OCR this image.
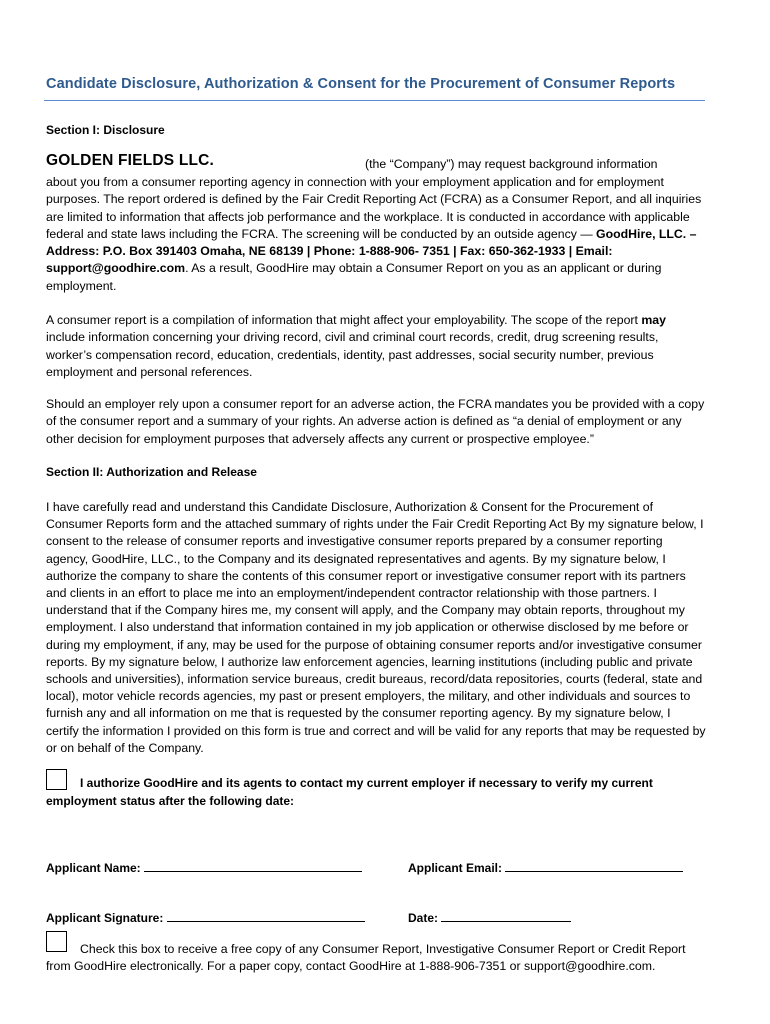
Candidate Disclosure, Authorization & Consent for the Procurement of Consumer Reports
Section I: Disclosure
GOLDEN FIELDS LLC.	(the “Company”) may request background information
about you from a consumer reporting agency in connection with your employment application and for employment purposes. The report ordered is defined by the Fair Credit Reporting Act (FCRA) as a Consumer Report, and all inquiries are limited to information that affects job performance and the workplace. It is conducted in accordance with applicable federal and state laws including the FCRA. The screening will be conducted by an outside agency — GoodHire, LLC. – Address: P.O. Box 391403 Omaha, NE 68139 | Phone: 1-888-906- 7351 | Fax: 650-362-1933 | Email: support@goodhire.com. As a result, GoodHire may obtain a Consumer Report on you as an applicant or during employment.
A consumer report is a compilation of information that might affect your employability. The scope of the report may include information concerning your driving record, civil and criminal court records, credit, drug screening results, worker’s compensation record, education, credentials, identity, past addresses, social security number, previous employment and personal references.
Should an employer rely upon a consumer report for an adverse action, the FCRA mandates you be provided with a copy of the consumer report and a summary of your rights. An adverse action is defined as “a denial of employment or any other decision for employment purposes that adversely affects any current or prospective employee.”
Section II: Authorization and Release
I have carefully read and understand this Candidate Disclosure, Authorization & Consent for the Procurement of Consumer Reports form and the attached summary of rights under the Fair Credit Reporting Act By my signature below, I consent to the release of consumer reports and investigative consumer reports prepared by a consumer reporting agency, GoodHire, LLC., to the Company and its designated representatives and agents. By my signature below, I authorize the company to share the contents of this consumer report or investigative consumer report with its partners and clients in an effort to place me into an employment/independent contractor relationship with those partners. I understand that if the Company hires me, my consent will apply, and the Company may obtain reports, throughout my employment. I also understand that information contained in my job application or otherwise disclosed by me before or during my employment, if any, may be used for the purpose of obtaining consumer reports and/or investigative consumer reports. By my signature below, I authorize law enforcement agencies, learning institutions (including public and private schools and universities), information service bureaus, credit bureaus, record/data repositories, courts (federal, state and local), motor vehicle records agencies, my past or present employers, the military, and other individuals and sources to furnish any and all information on me that is requested by the consumer reporting agency. By my signature below, I certify the information I provided on this form is true and correct and will be valid for any reports that may be requested by or on behalf of the Company.
I authorize GoodHire and its agents to contact my current employer if necessary to verify my current
employment status after the following date:
Applicant Name:	Applicant Email:
Applicant Signature:	Date:
Check this box to receive a free copy of any Consumer Report, Investigative Consumer Report or Credit Report
from GoodHire electronically. For a paper copy, contact GoodHire at 1-888-906-7351 or support@goodhire.com.
